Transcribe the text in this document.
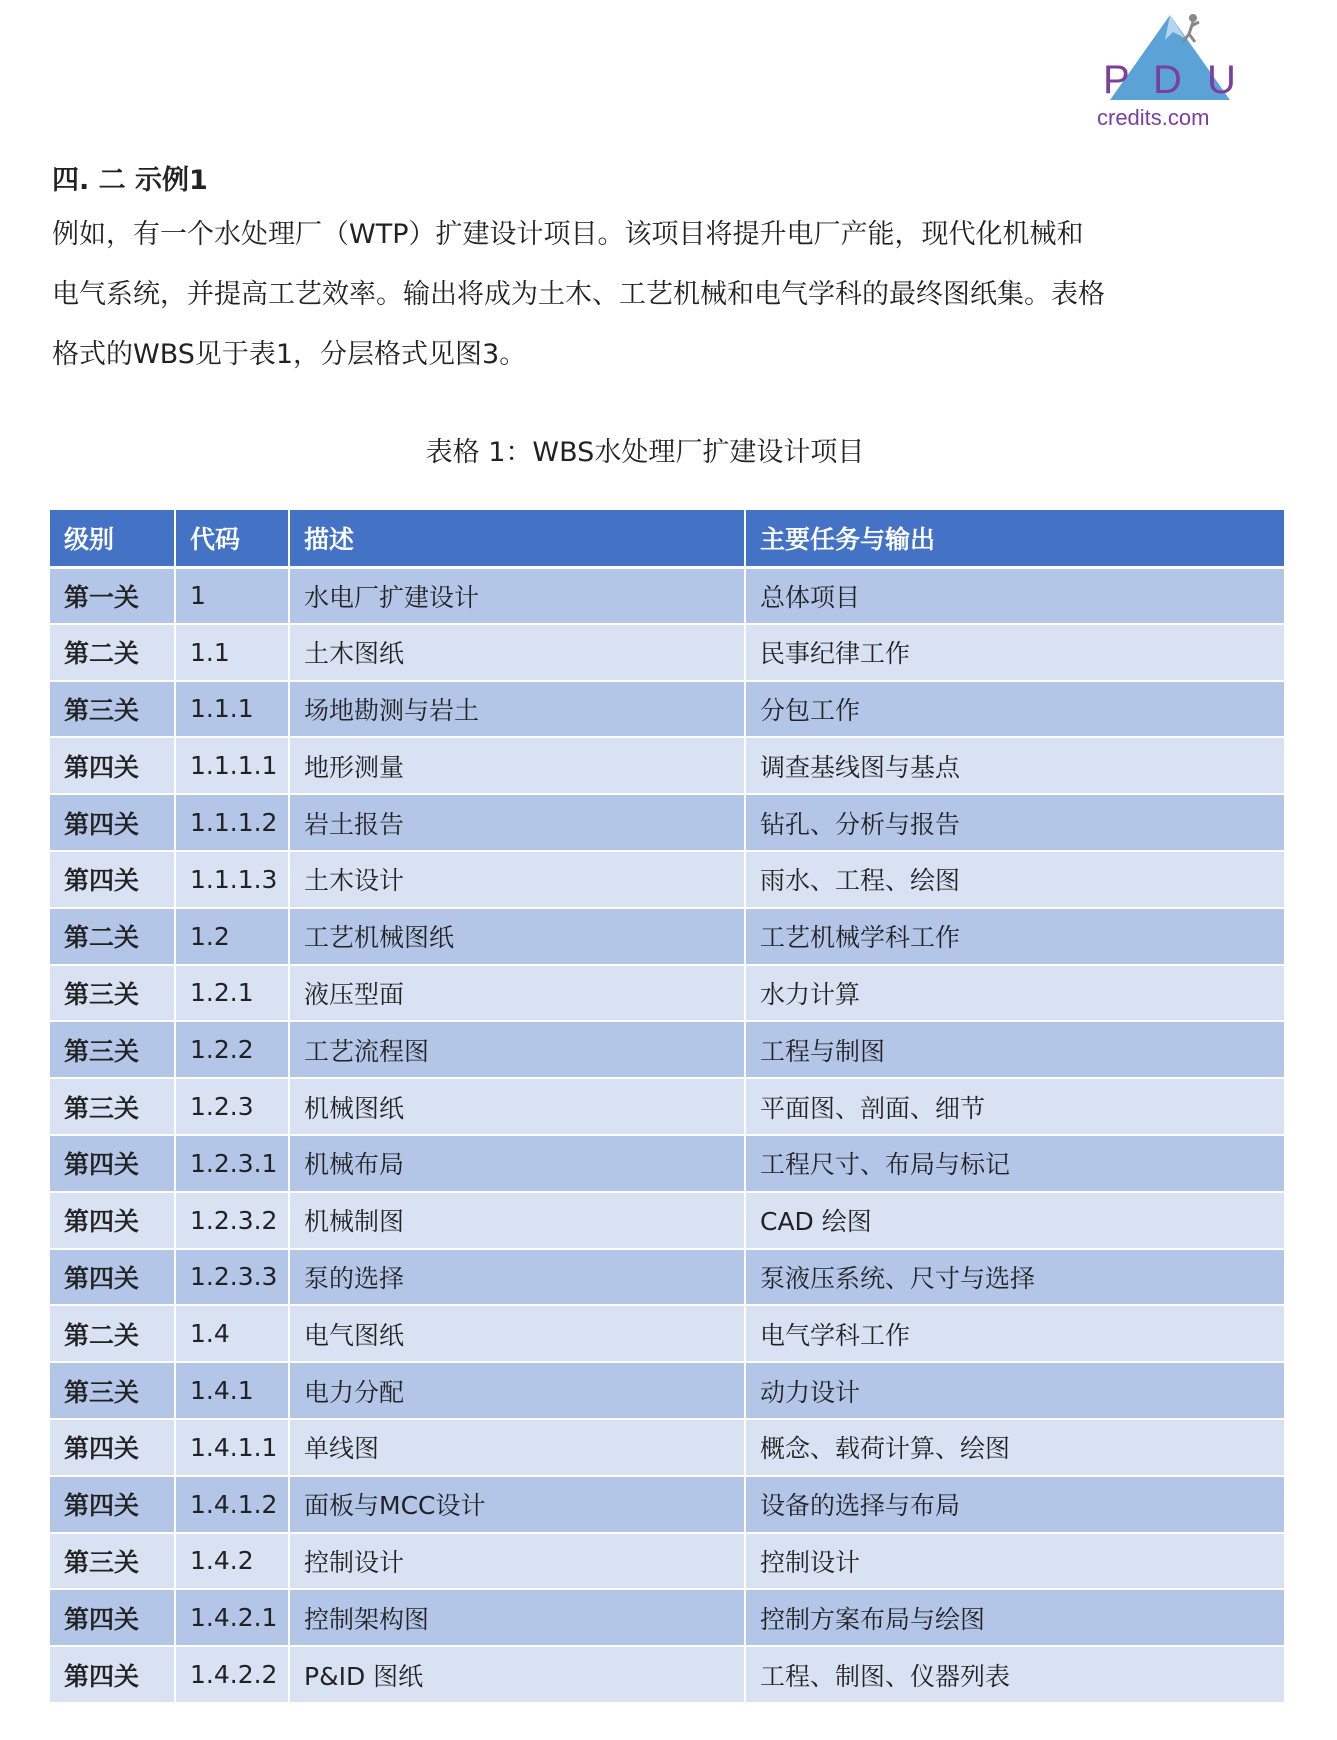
P D U
credits.com
四. 二 示例1
例如，有一个水处理厂（WTP）扩建设计项目。该项目将提升电厂产能，现代化机械和
电气系统，并提高工艺效率。输出将成为土木、工艺机械和电气学科的最终图纸集。表格
格式的WBS见于表1，分层格式见图3。
表格 1：WBS水处理厂扩建设计项目
级别	代码	描述	主要任务与输出
第一关	1	水电厂扩建设计	总体项目
第二关	1.1	土木图纸	民事纪律工作
第三关	1.1.1	场地勘测与岩土	分包工作
第四关	1.1.1.1	地形测量	调查基线图与基点
第四关	1.1.1.2	岩土报告	钻孔、分析与报告
第四关	1.1.1.3	土木设计	雨水、工程、绘图
第二关	1.2	工艺机械图纸	工艺机械学科工作
第三关	1.2.1	液压型面	水力计算
第三关	1.2.2	工艺流程图	工程与制图
第三关	1.2.3	机械图纸	平面图、剖面、细节
第四关	1.2.3.1	机械布局	工程尺寸、布局与标记
第四关	1.2.3.2	机械制图	CAD 绘图
第四关	1.2.3.3	泵的选择	泵液压系统、尺寸与选择
第二关	1.4	电气图纸	电气学科工作
第三关	1.4.1	电力分配	动力设计
第四关	1.4.1.1	单线图	概念、载荷计算、绘图
第四关	1.4.1.2	面板与MCC设计	设备的选择与布局
第三关	1.4.2	控制设计	控制设计
第四关	1.4.2.1	控制架构图	控制方案布局与绘图
第四关	1.4.2.2	P&ID 图纸	工程、制图、仪器列表
